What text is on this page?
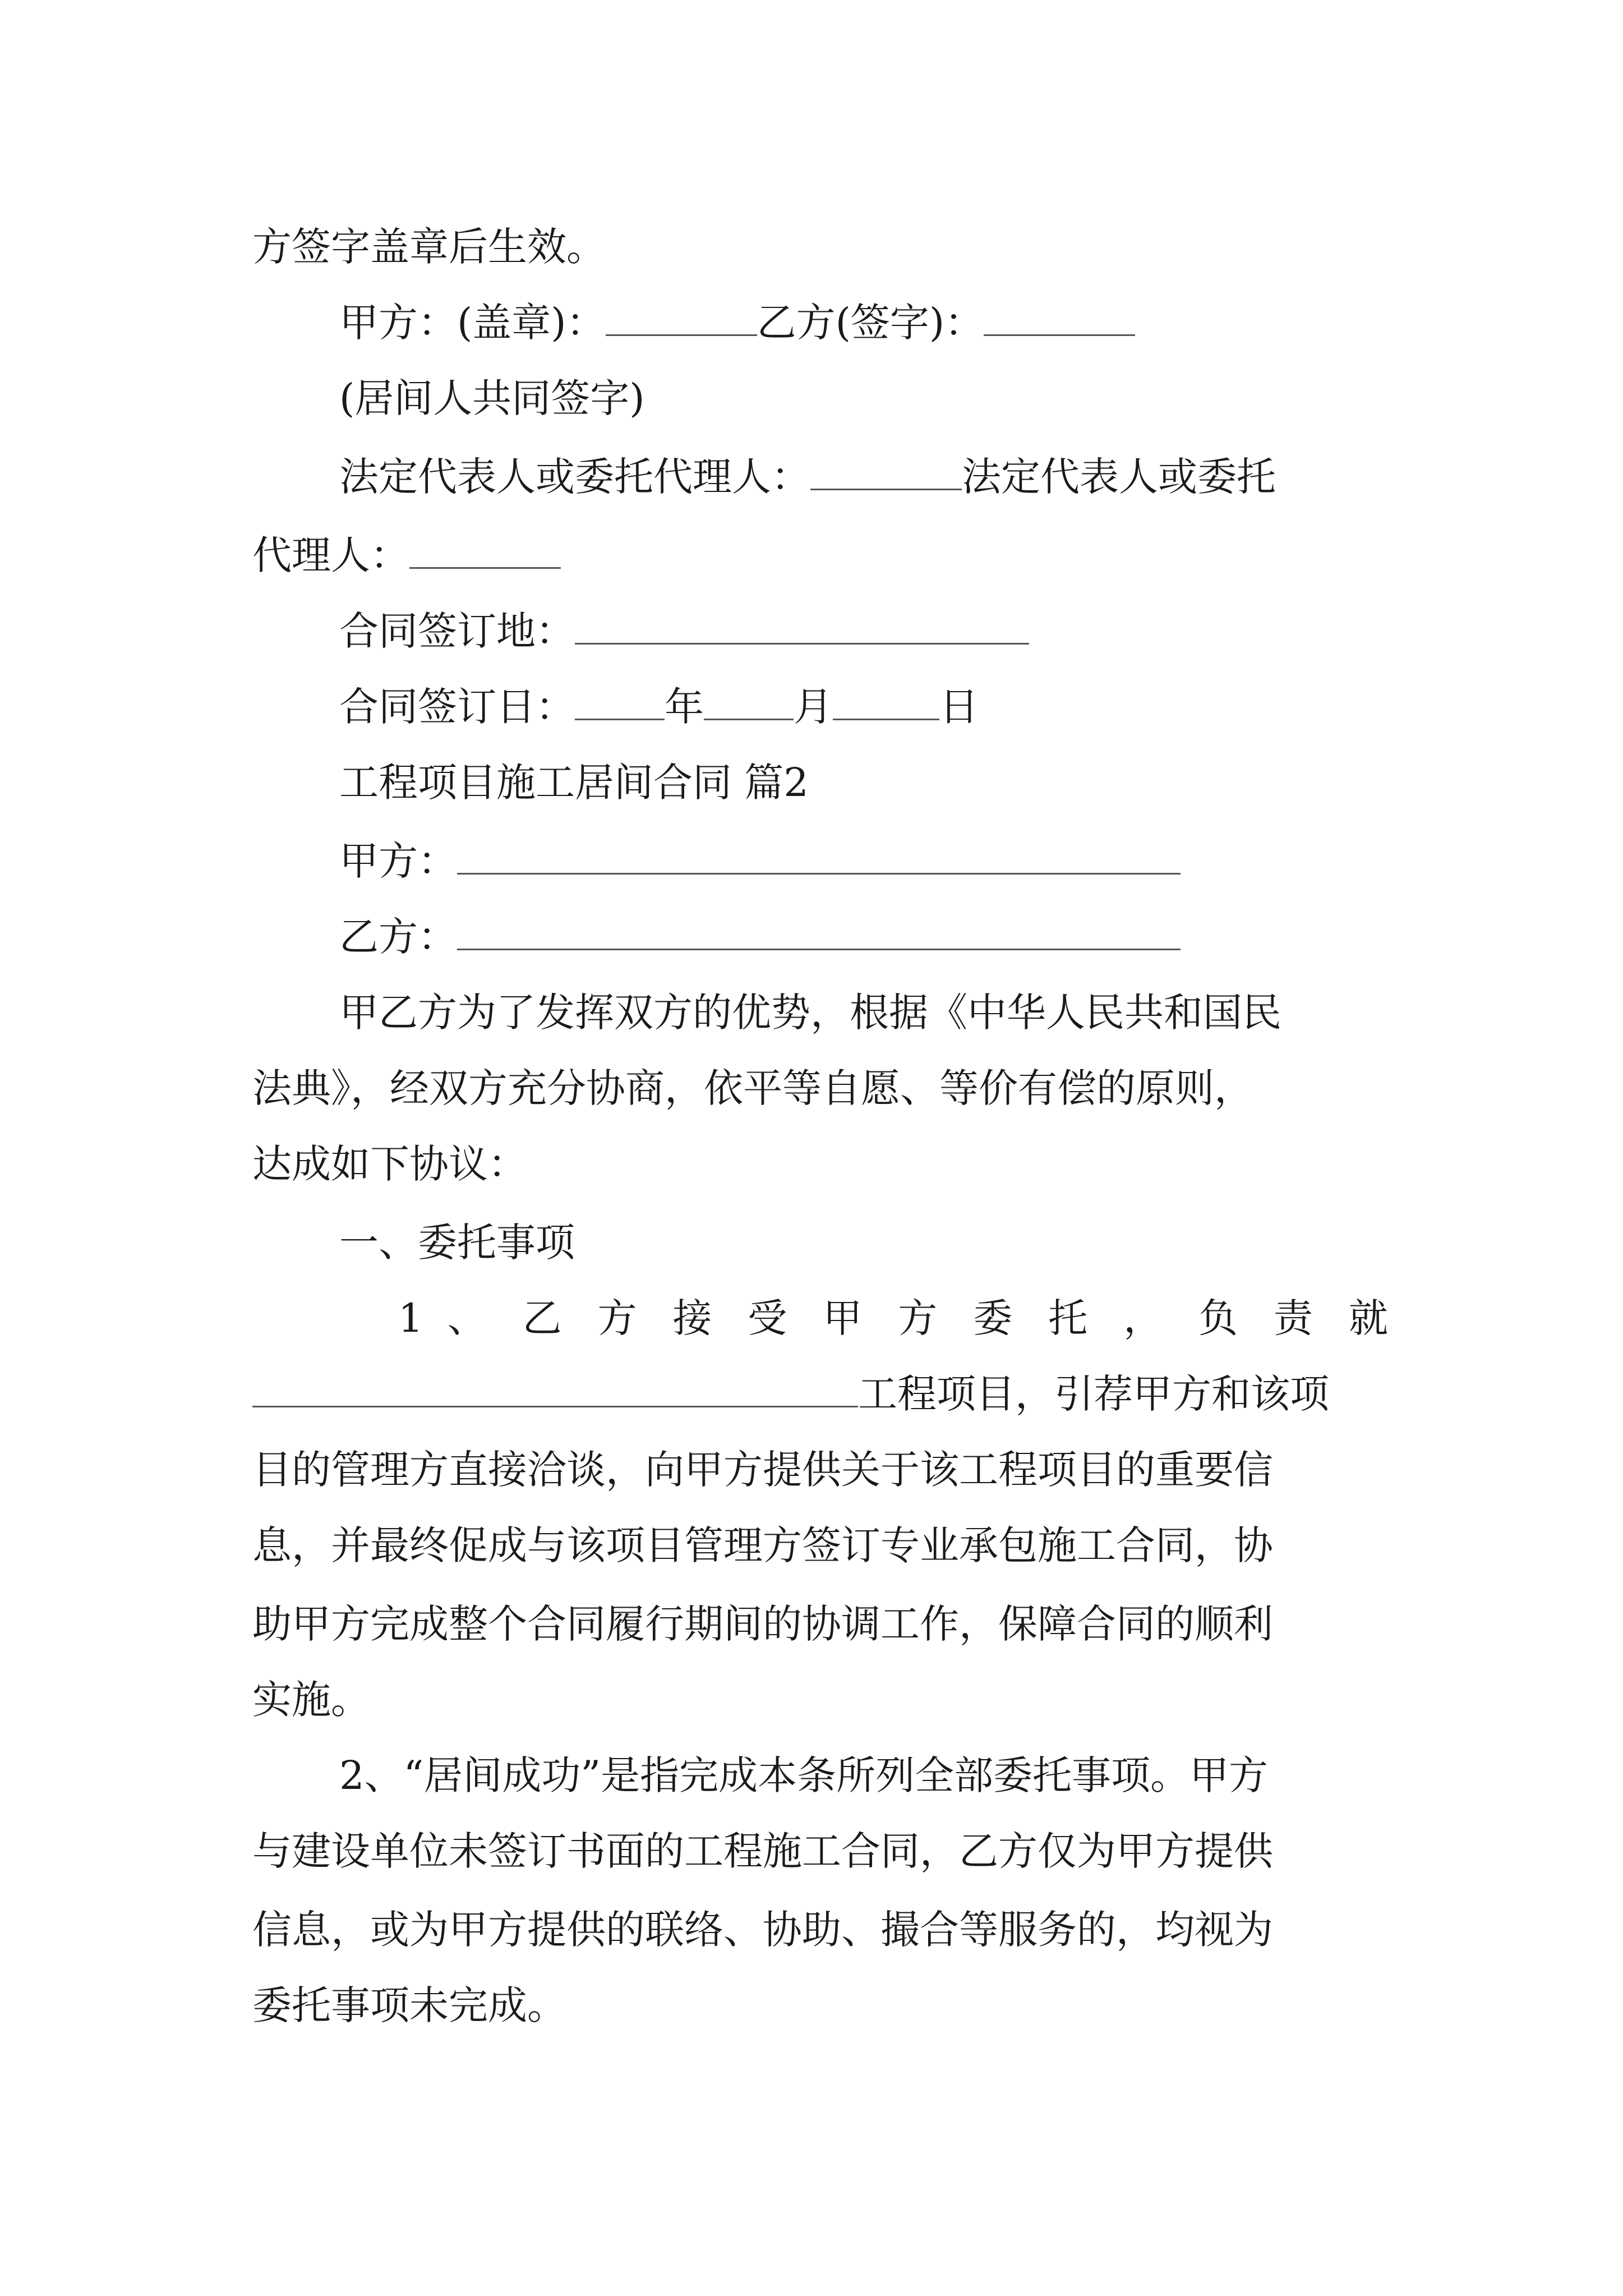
方签字盖章后生效。
甲方：(盖章)：	乙方(签字)：
(居间人共同签字)
法定代表人或委托代理人：	法定代表人或委托
代理人：
合同签订地：
合同签订日： 年 月	日
工程项目施工居间合同 篇2
甲方：
乙方：
甲乙方为了发挥双方的优势，根据《中华人民共和国民
法典》，经双方充分协商，依平等自愿、等价有偿的原则，
达成如下协议：
一、委托事项
1 、 乙 方 接 受 甲 方 委 托 ， 负 责 就
工程项目，引荐甲方和该项
目的管理方直接洽谈，向甲方提供关于该工程项目的重要信
息，并最终促成与该项目管理方签订专业承包施工合同，协
助甲方完成整个合同履行期间的协调工作，保障合同的顺利
实施。
2、“居间成功”是指完成本条所列全部委托事项。甲方
与建设单位未签订书面的工程施工合同，乙方仅为甲方提供
信息，或为甲方提供的联络、协助、撮合等服务的，均视为
委托事项未完成。
